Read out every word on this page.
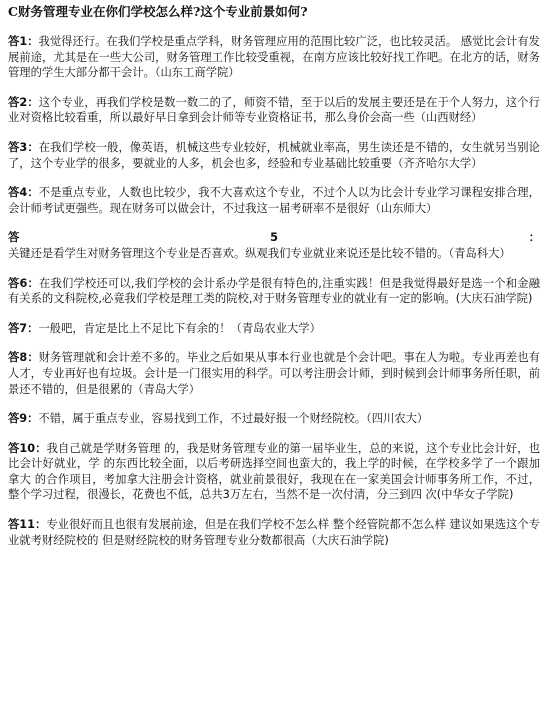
C财务管理专业在你们学校怎么样?这个专业前景如何?
答1：我觉得还行。在我们学校是重点学科，财务管理应用的范围比较广泛，也比较灵活。 感觉比会计有发展前途，尤其是在一些大公司，财务管理工作比较受重视，在南方应该比较好找工作吧。在北方的话，财务管理的学生大部分都干会计。（山东工商学院）
答2：这个专业，再我们学校是数一数二的了，师资不错，至于以后的发展主要还是在于个人努力，这个行业对资格比较看重，所以最好早日拿到会计师等专业资格证书，那么身价会高一些（山西财经）
答3：在我们学校一般，像英语，机械这些专业较好，机械就业率高，男生读还是不错的，女生就另当别论了，这个专业学的很多，要就业的人多，机会也多，经验和专业基础比较重要（齐齐哈尔大学）
答4：不是重点专业，人数也比较少，我不大喜欢这个专业，不过个人以为比会计专业学习课程安排合理，会计师考试更强些。现在财务可以做会计，不过我这一届考研率不是很好（山东师大）
答5：关键还是看学生对财务管理这个专业是否喜欢。纵观我们专业就业来说还是比较不错的。（青岛科大）
答6：在我们学校还可以,我们学校的会计系办学是很有特色的,注重实践！但是我觉得最好是选一个和金融有关系的文科院校,必竟我们学校是理工类的院校,对于财务管理专业的就业有一定的影响。(大庆石油学院)
答7：一般吧，肯定是比上不足比下有余的！（青岛农业大学）
答8：财务管理就和会计差不多的。毕业之后如果从事本行业也就是个会计吧。事在人为啦。专业再差也有人才，专业再好也有垃圾。会计是一门很实用的科学。可以考注册会计师，到时候到会计师事务所任职，前景还不错的，但是很累的（青岛大学）
答9：不错，属于重点专业，容易找到工作，不过最好报一个财经院校。（四川农大）
答10：我自己就是学财务管理 的，我是财务管理专业的第一届毕业生，总的来说，这个专业比会计好，也比会计好就业，学 的东西比较全面，以后考研选择空间也蛮大的，我上学的时候，在学校多学了一个跟加拿大 的合作项目，考加拿大注册会计资格，就业前景很好，我现在在一家美国会计师事务所工作，不过，整个学习过程，很漫长，花费也不低，总共3万左右，当然不是一次付清，分三到四 次(中华女子学院)
答11：专业很好而且也很有发展前途，但是在我们学校不怎么样 整个经管院都不怎么样 建议如果选这个专业就考财经院校的 但是财经院校的财务管理专业分数都很高（大庆石油学院)
